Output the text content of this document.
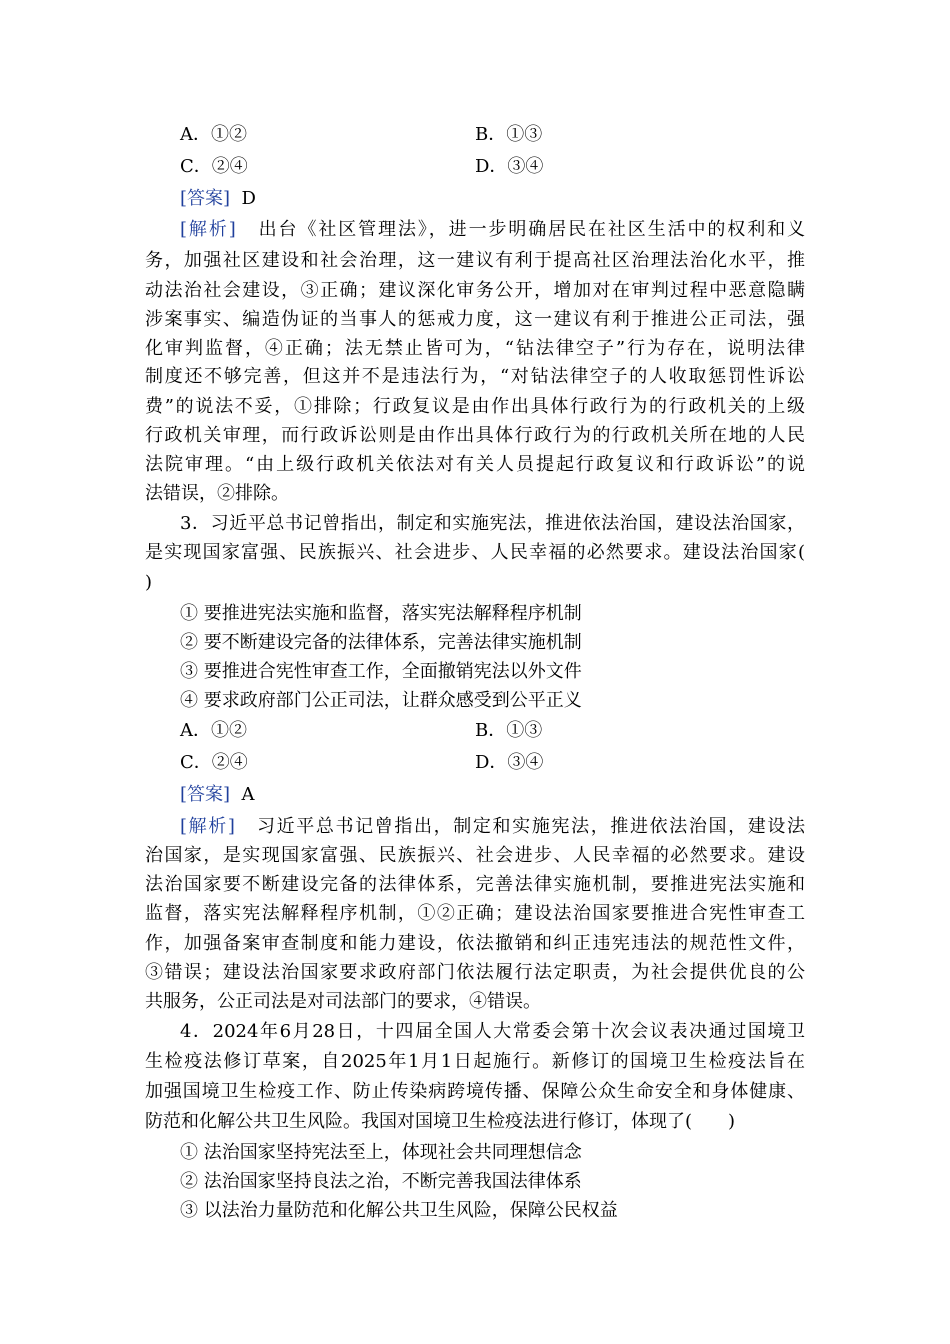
A．①②	B．①③
C．②④	D．③④
[答案] D
[解析] 出台《社区管理法》，进一步明确居民在社区生活中的权利和义
务，加强社区建设和社会治理，这一建议有利于提高社区治理法治化水平，推
动法治社会建设，③正确；建议深化审务公开，增加对在审判过程中恶意隐瞒
涉案事实、编造伪证的当事人的惩戒力度，这一建议有利于推进公正司法，强
化审判监督，④正确；法无禁止皆可为，“钻法律空子”行为存在，说明法律
制度还不够完善，但这并不是违法行为，“对钻法律空子的人收取惩罚性诉讼
费”的说法不妥，①排除；行政复议是由作出具体行政行为的行政机关的上级
行政机关审理，而行政诉讼则是由作出具体行政行为的行政机关所在地的人民
法院审理。“由上级行政机关依法对有关人员提起行政复议和行政诉讼”的说
法错误，②排除。
3．习近平总书记曾指出，制定和实施宪法，推进依法治国，建设法治国家，
是实现国家富强、民族振兴、社会进步、人民幸福的必然要求。建设法治国家(
)
① 要推进宪法实施和监督，落实宪法解释程序机制
② 要不断建设完备的法律体系，完善法律实施机制
③ 要推进合宪性审查工作，全面撤销宪法以外文件
④ 要求政府部门公正司法，让群众感受到公平正义
A．①②	B．①③
C．②④	D．③④
[答案] A
[解析] 习近平总书记曾指出，制定和实施宪法，推进依法治国，建设法
治国家，是实现国家富强、民族振兴、社会进步、人民幸福的必然要求。建设
法治国家要不断建设完备的法律体系，完善法律实施机制，要推进宪法实施和
监督，落实宪法解释程序机制，①②正确；建设法治国家要推进合宪性审查工
作，加强备案审查制度和能力建设，依法撤销和纠正违宪违法的规范性文件，
③错误；建设法治国家要求政府部门依法履行法定职责，为社会提供优良的公
共服务，公正司法是对司法部门的要求，④错误。
4．2024年6月28日，十四届全国人大常委会第十次会议表决通过国境卫
生检疫法修订草案，自2025年1月1日起施行。新修订的国境卫生检疫法旨在
加强国境卫生检疫工作、防止传染病跨境传播、保障公众生命安全和身体健康、
防范和化解公共卫生风险。我国对国境卫生检疫法进行修订，体现了(　　)
① 法治国家坚持宪法至上，体现社会共同理想信念
② 法治国家坚持良法之治，不断完善我国法律体系
③ 以法治力量防范和化解公共卫生风险，保障公民权益
